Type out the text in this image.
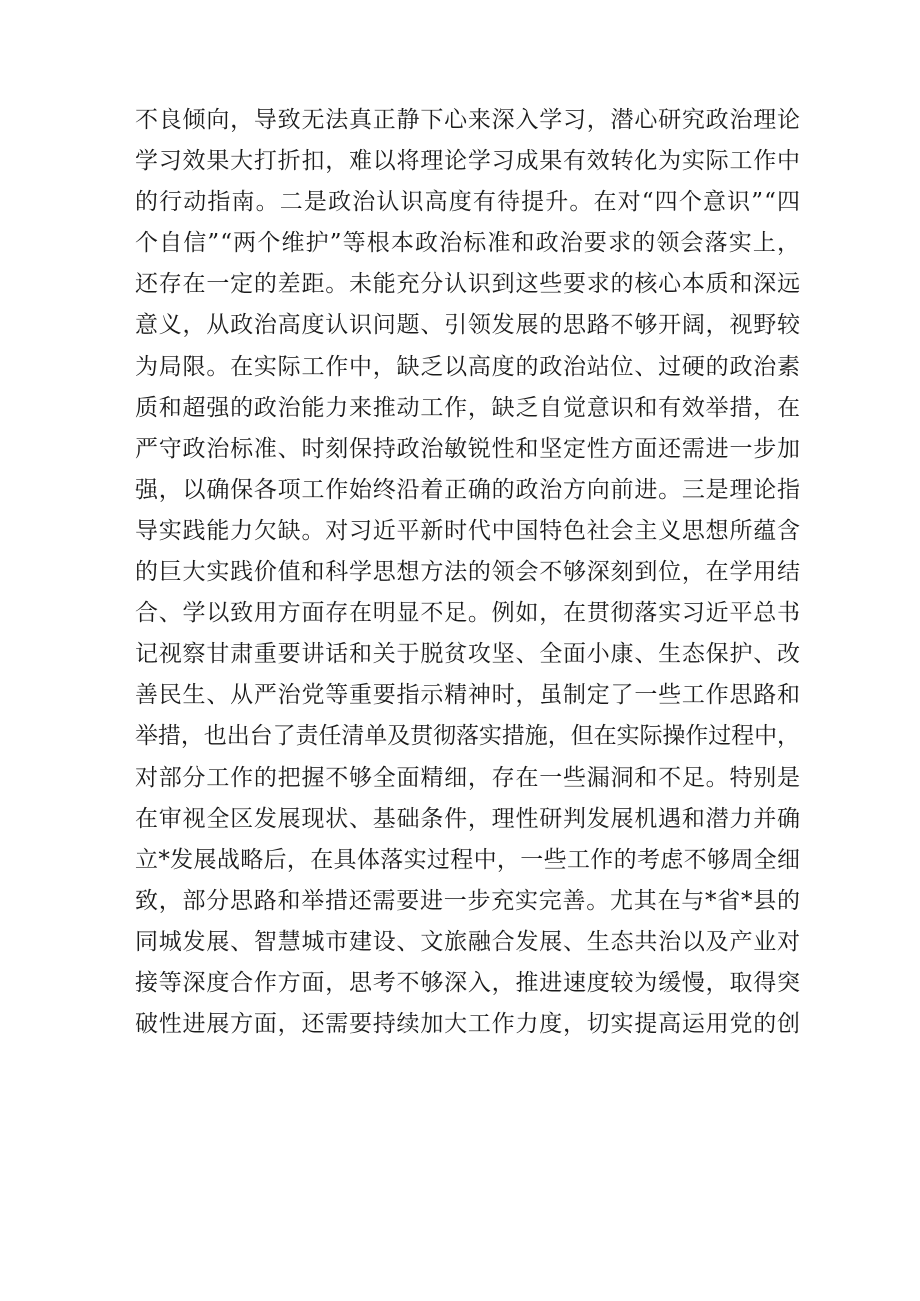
不良倾向，导致无法真正静下心来深入学习，潜心研究政治理论
学习效果大打折扣，难以将理论学习成果有效转化为实际工作中
的行动指南。二是政治认识高度有待提升。在对“四个意识”“四
个自信”“两个维护”等根本政治标准和政治要求的领会落实上，
还存在一定的差距。未能充分认识到这些要求的核心本质和深远
意义，从政治高度认识问题、引领发展的思路不够开阔，视野较
为局限。在实际工作中，缺乏以高度的政治站位、过硬的政治素
质和超强的政治能力来推动工作，缺乏自觉意识和有效举措，在
严守政治标准、时刻保持政治敏锐性和坚定性方面还需进一步加
强，以确保各项工作始终沿着正确的政治方向前进。三是理论指
导实践能力欠缺。对习近平新时代中国特色社会主义思想所蕴含
的巨大实践价值和科学思想方法的领会不够深刻到位，在学用结
合、学以致用方面存在明显不足。例如，在贯彻落实习近平总书
记视察甘肃重要讲话和关于脱贫攻坚、全面小康、生态保护、改
善民生、从严治党等重要指示精神时，虽制定了一些工作思路和
举措，也出台了责任清单及贯彻落实措施，但在实际操作过程中，
对部分工作的把握不够全面精细，存在一些漏洞和不足。特别是
在审视全区发展现状、基础条件，理性研判发展机遇和潜力并确
立*发展战略后，在具体落实过程中，一些工作的考虑不够周全细
致，部分思路和举措还需要进一步充实完善。尤其在与*省*县的
同城发展、智慧城市建设、文旅融合发展、生态共治以及产业对
接等深度合作方面，思考不够深入，推进速度较为缓慢，取得突
破性进展方面，还需要持续加大工作力度，切实提高运用党的创
